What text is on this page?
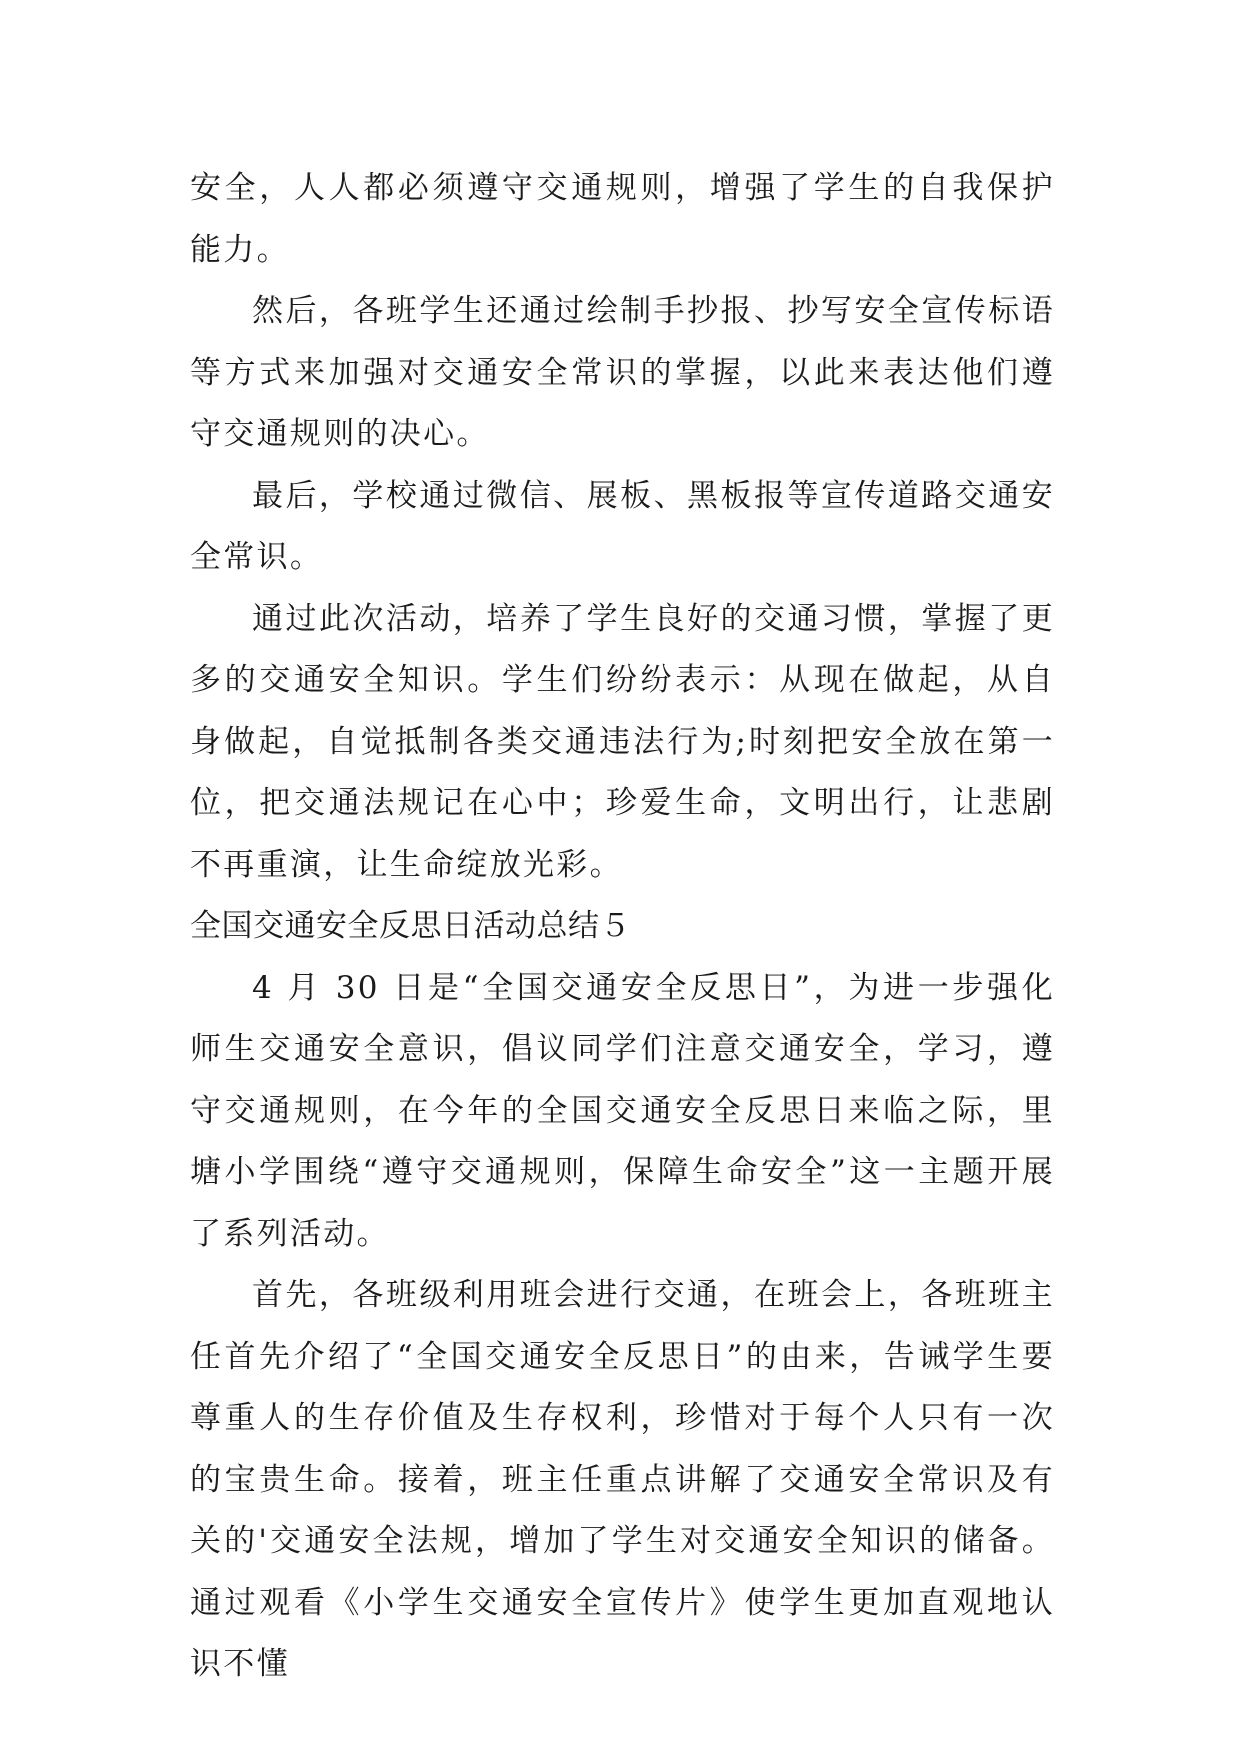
安全，人人都必须遵守交通规则，增强了学生的自我保护能力。

然后，各班学生还通过绘制手抄报、抄写安全宣传标语等方式来加强对交通安全常识的掌握，以此来表达他们遵守交通规则的决心。

最后，学校通过微信、展板、黑板报等宣传道路交通安全常识。

通过此次活动，培养了学生良好的交通习惯，掌握了更多的交通安全知识。学生们纷纷表示：从现在做起，从自身做起，自觉抵制各类交通违法行为;时刻把安全放在第一位，把交通法规记在心中；珍爱生命，文明出行，让悲剧不再重演，让生命绽放光彩。

全国交通安全反思日活动总结５

4 月 30 日是“全国交通安全反思日”，为进一步强化师生交通安全意识，倡议同学们注意交通安全，学习，遵守交通规则，在今年的全国交通安全反思日来临之际，里塘小学围绕“遵守交通规则，保障生命安全”这一主题开展了系列活动。

首先，各班级利用班会进行交通，在班会上，各班班主任首先介绍了“全国交通安全反思日”的由来，告诫学生要尊重人的生存价值及生存权利，珍惜对于每个人只有一次的宝贵生命。接着，班主任重点讲解了交通安全常识及有关的'交通安全法规，增加了学生对交通安全知识的储备。通过观看《小学生交通安全宣传片》使学生更加直观地认识不懂
